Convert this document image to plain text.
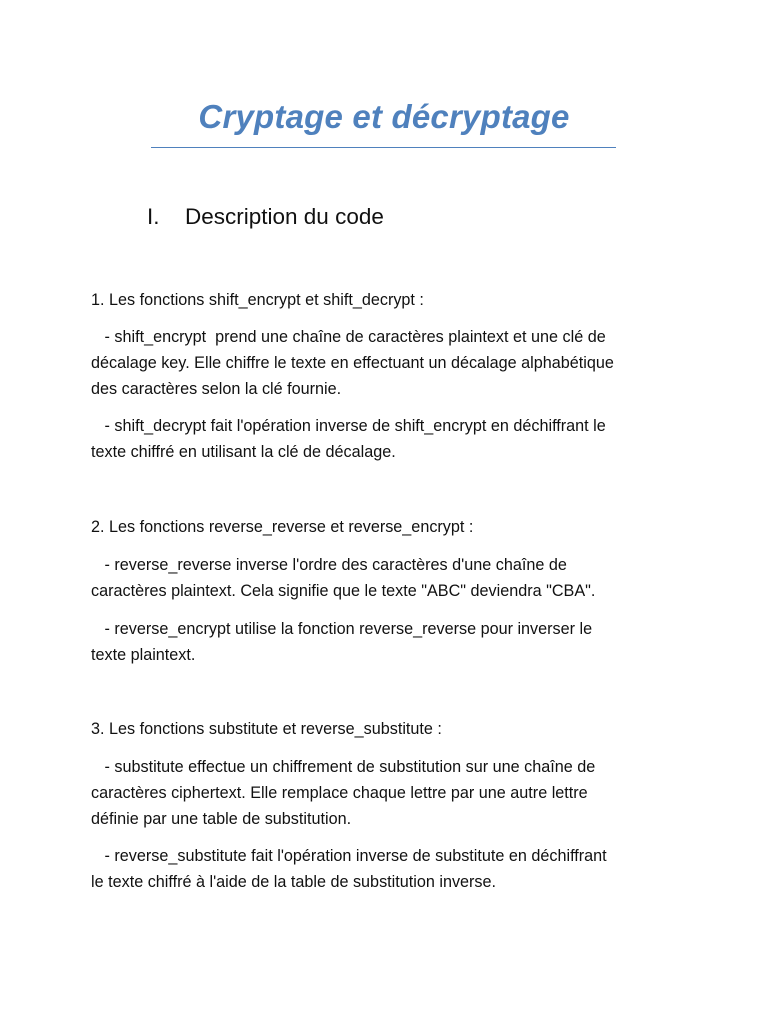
Cryptage et décryptage
I. Description du code
1. Les fonctions shift_encrypt et shift_decrypt :

- shift_encrypt  prend une chaîne de caractères plaintext et une clé de

décalage key. Elle chiffre le texte en effectuant un décalage alphabétique

des caractères selon la clé fournie.

- shift_decrypt fait l'opération inverse de shift_encrypt en déchiffrant le

texte chiffré en utilisant la clé de décalage.

2. Les fonctions reverse_reverse et reverse_encrypt :

- reverse_reverse inverse l'ordre des caractères d'une chaîne de

caractères plaintext. Cela signifie que le texte "ABC" deviendra "CBA".

- reverse_encrypt utilise la fonction reverse_reverse pour inverser le

texte plaintext.

3. Les fonctions substitute et reverse_substitute :

- substitute effectue un chiffrement de substitution sur une chaîne de

caractères ciphertext. Elle remplace chaque lettre par une autre lettre

définie par une table de substitution.

- reverse_substitute fait l'opération inverse de substitute en déchiffrant

le texte chiffré à l'aide de la table de substitution inverse.
